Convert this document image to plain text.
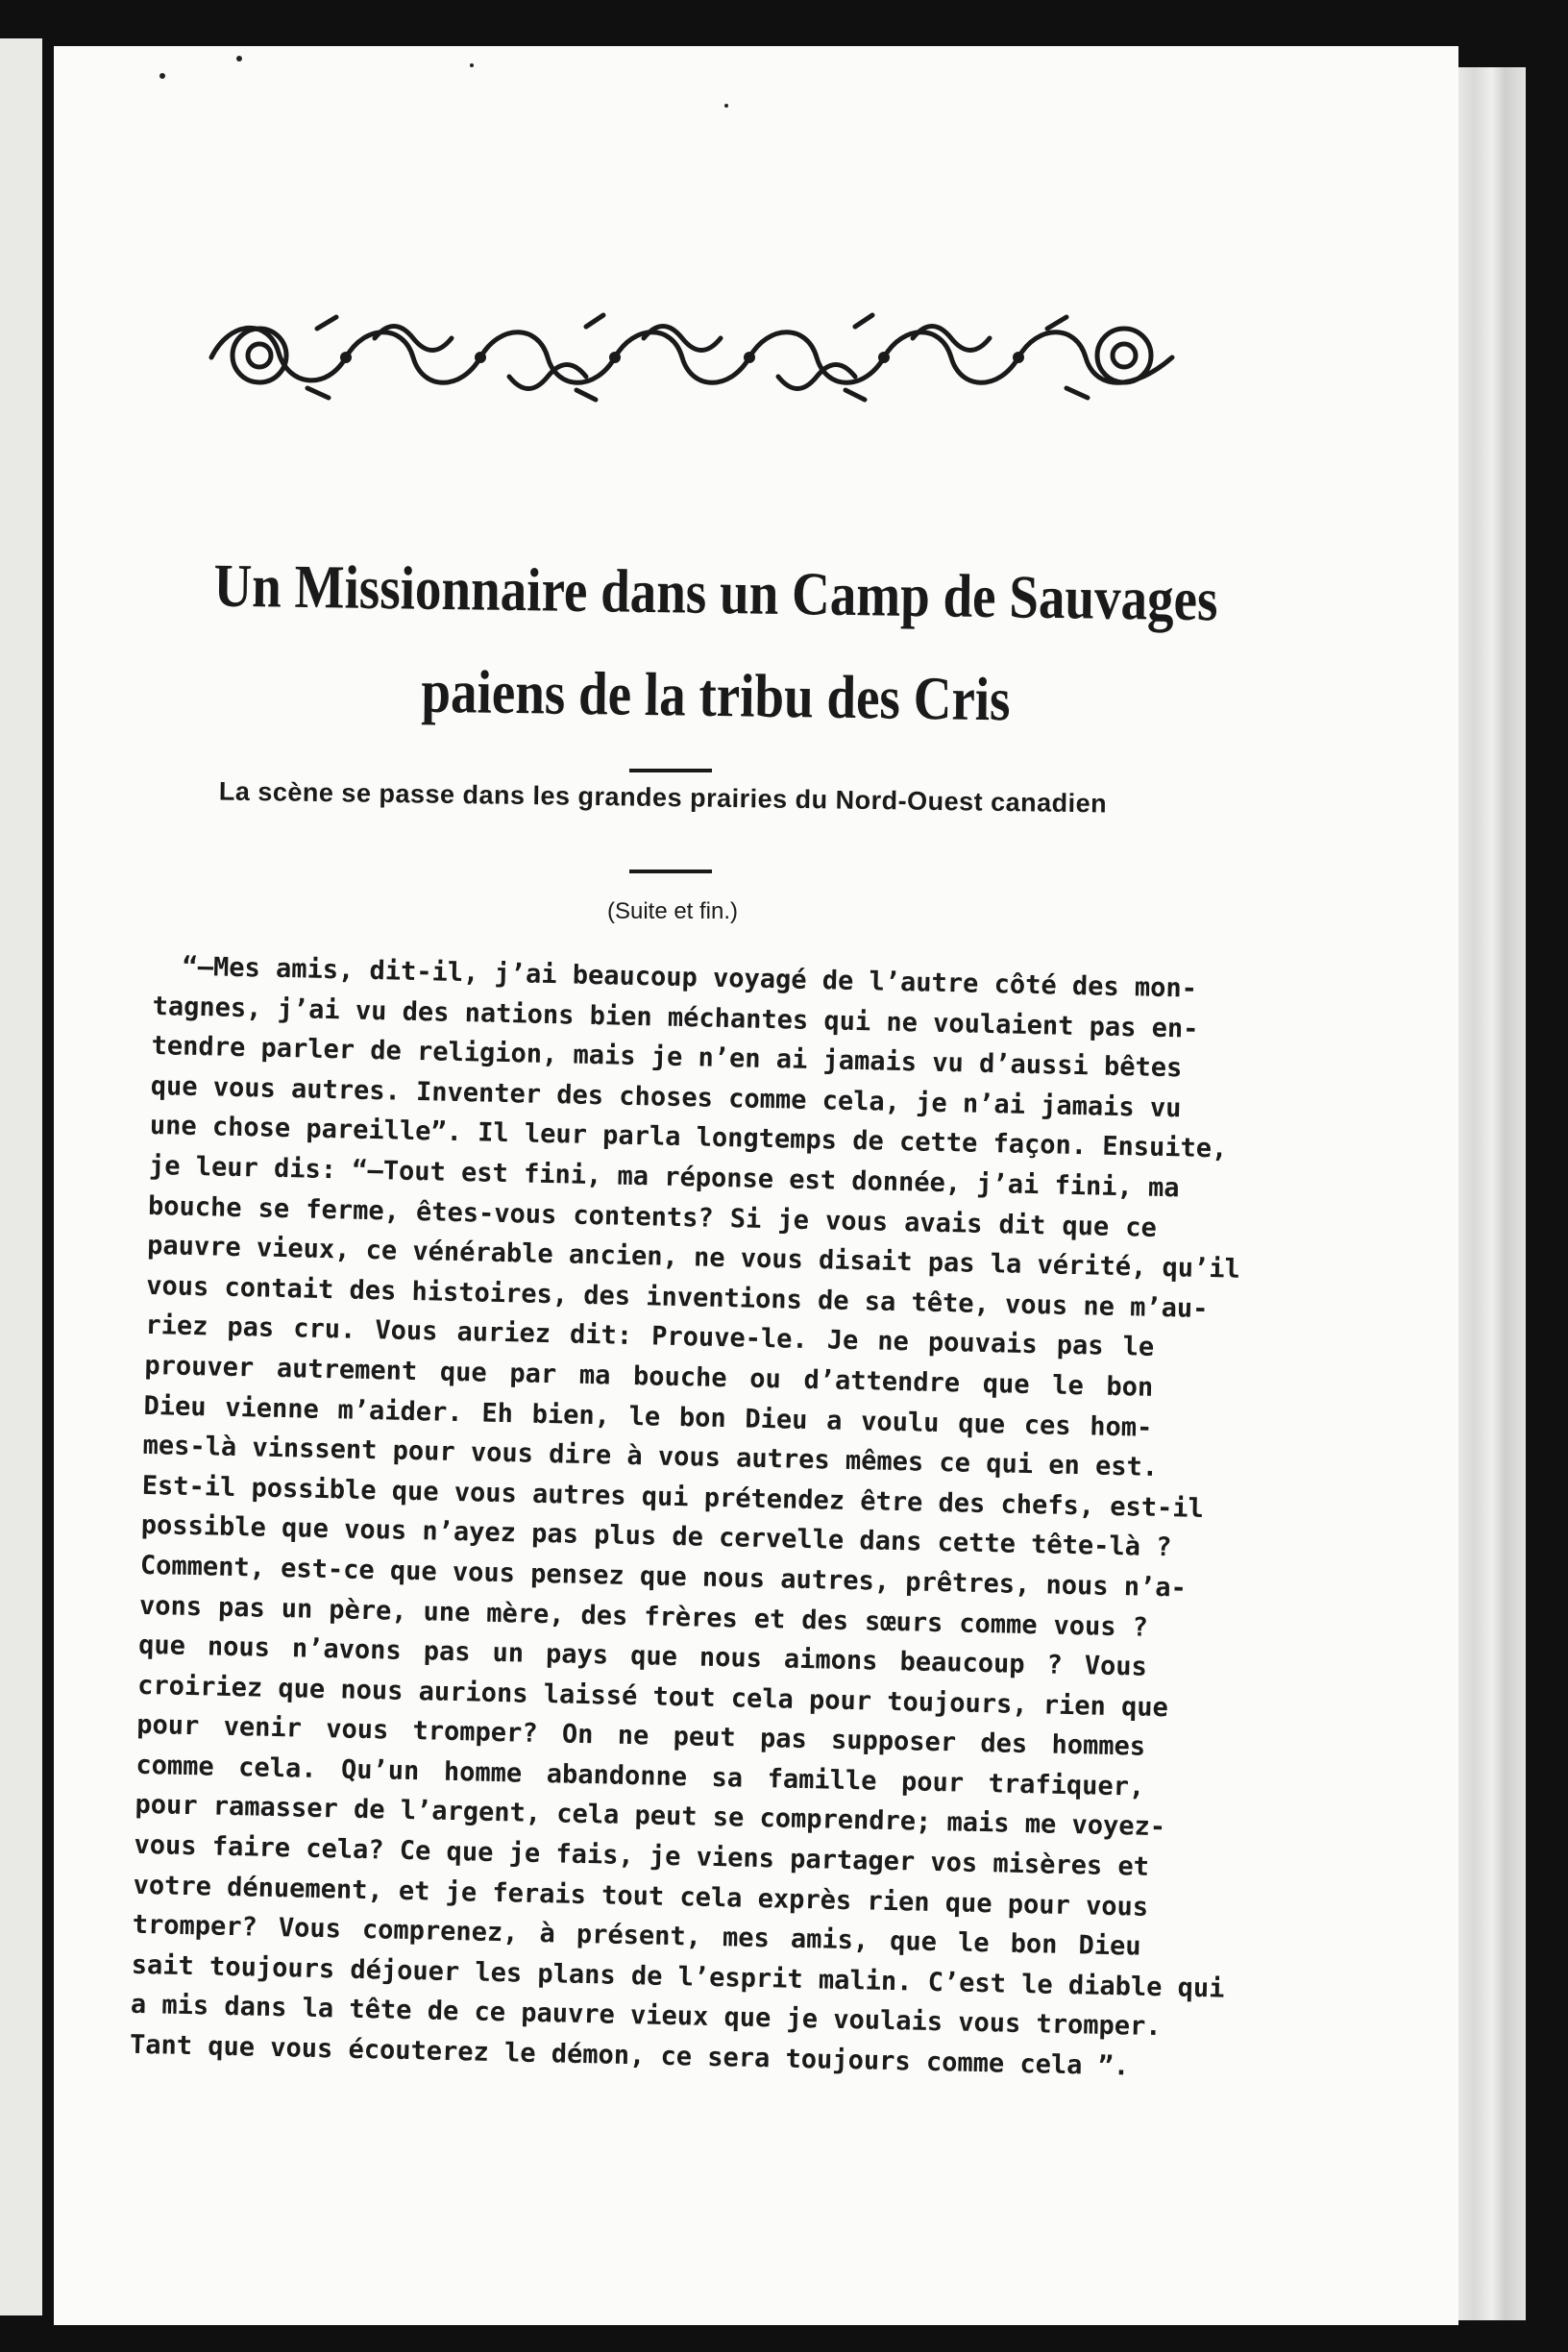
Un Missionnaire dans un Camp de Sauvages
paiens de la tribu des Cris

La scène se passe dans les grandes prairies du Nord-Ouest canadien

(Suite et fin.)

“—Mes amis, dit-il, j’ai beaucoup voyagé de l’autre côté des mon-
tagnes, j’ai vu des nations bien méchantes qui ne voulaient pas en-
tendre parler de religion, mais je n’en ai jamais vu d’aussi bêtes
que vous autres. Inventer des choses comme cela, je n’ai jamais vu
une chose pareille”. Il leur parla longtemps de cette façon. Ensuite,
je leur dis: “—Tout est fini, ma réponse est donnée, j’ai fini, ma
bouche se ferme, êtes-vous contents? Si je vous avais dit que ce
pauvre vieux, ce vénérable ancien, ne vous disait pas la vérité, qu’il
vous contait des histoires, des inventions de sa tête, vous ne m’au-
riez pas cru. Vous auriez dit: Prouve-le. Je ne pouvais pas le
prouver autrement que par ma bouche ou d’attendre que le bon
Dieu vienne m’aider. Eh bien, le bon Dieu a voulu que ces hom-
mes-là vinssent pour vous dire à vous autres mêmes ce qui en est.
Est-il possible que vous autres qui prétendez être des chefs, est-il
possible que vous n’ayez pas plus de cervelle dans cette tête-là ?
Comment, est-ce que vous pensez que nous autres, prêtres, nous n’a-
vons pas un père, une mère, des frères et des sœurs comme vous ?
que nous n’avons pas un pays que nous aimons beaucoup ? Vous
croiriez que nous aurions laissé tout cela pour toujours, rien que
pour venir vous tromper? On ne peut pas supposer des hommes
comme cela. Qu’un homme abandonne sa famille pour trafiquer,
pour ramasser de l’argent, cela peut se comprendre; mais me voyez-
vous faire cela? Ce que je fais, je viens partager vos misères et
votre dénuement, et je ferais tout cela exprès rien que pour vous
tromper? Vous comprenez, à présent, mes amis, que le bon Dieu
sait toujours déjouer les plans de l’esprit malin. C’est le diable qui
a mis dans la tête de ce pauvre vieux que je voulais vous tromper.
Tant que vous écouterez le démon, ce sera toujours comme cela ”.
